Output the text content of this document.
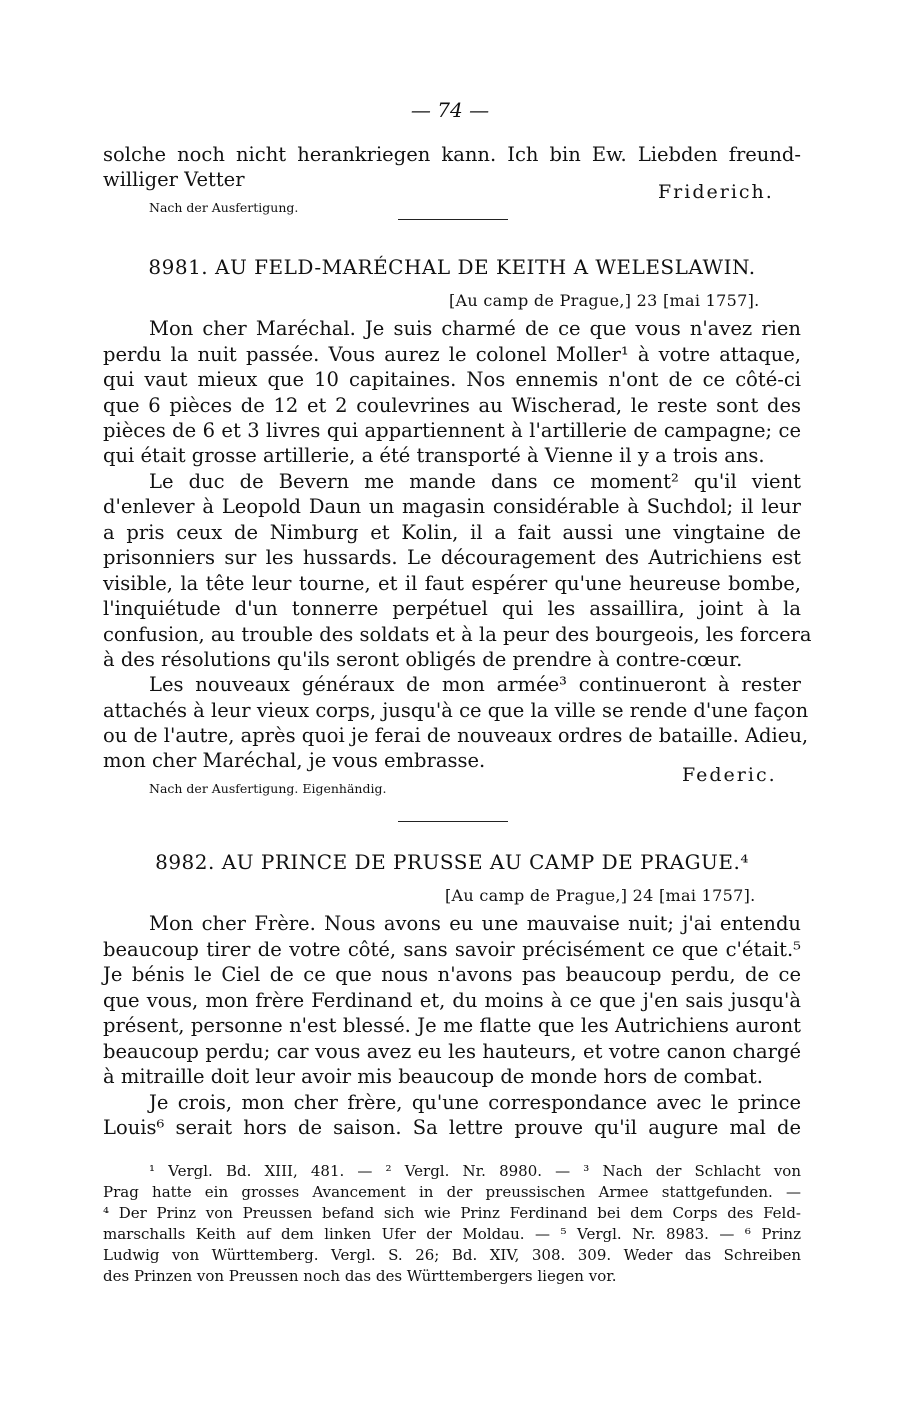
— 74 —
solche noch nicht herankriegen kann. Ich bin Ew. Liebden freund-
williger Vetter
Friderich.
Nach der Ausfertigung.
8981. AU FELD-MARÉCHAL DE KEITH A WELESLAWIN.
[Au camp de Prague,] 23 [mai 1757].
Mon cher Maréchal. Je suis charmé de ce que vous n'avez rien
perdu la nuit passée. Vous aurez le colonel Moller¹ à votre attaque,
qui vaut mieux que 10 capitaines. Nos ennemis n'ont de ce côté-ci
que 6 pièces de 12 et 2 coulevrines au Wischerad, le reste sont des
pièces de 6 et 3 livres qui appartiennent à l'artillerie de campagne; ce
qui était grosse artillerie, a été transporté à Vienne il y a trois ans.
Le duc de Bevern me mande dans ce moment² qu'il vient
d'enlever à Leopold Daun un magasin considérable à Suchdol; il leur
a pris ceux de Nimburg et Kolin, il a fait aussi une vingtaine de
prisonniers sur les hussards. Le découragement des Autrichiens est
visible, la tête leur tourne, et il faut espérer qu'une heureuse bombe,
l'inquiétude d'un tonnerre perpétuel qui les assaillira, joint à la
confusion, au trouble des soldats et à la peur des bourgeois, les forcera
à des résolutions qu'ils seront obligés de prendre à contre-cœur.
Les nouveaux généraux de mon armée³ continueront à rester
attachés à leur vieux corps, jusqu'à ce que la ville se rende d'une façon
ou de l'autre, après quoi je ferai de nouveaux ordres de bataille. Adieu,
mon cher Maréchal, je vous embrasse.
Federic.
Nach der Ausfertigung. Eigenhändig.
8982. AU PRINCE DE PRUSSE AU CAMP DE PRAGUE.⁴
[Au camp de Prague,] 24 [mai 1757].
Mon cher Frère. Nous avons eu une mauvaise nuit; j'ai entendu
beaucoup tirer de votre côté, sans savoir précisément ce que c'était.⁵
Je bénis le Ciel de ce que nous n'avons pas beaucoup perdu, de ce
que vous, mon frère Ferdinand et, du moins à ce que j'en sais jusqu'à
présent, personne n'est blessé. Je me flatte que les Autrichiens auront
beaucoup perdu; car vous avez eu les hauteurs, et votre canon chargé
à mitraille doit leur avoir mis beaucoup de monde hors de combat.
Je crois, mon cher frère, qu'une correspondance avec le prince
Louis⁶ serait hors de saison. Sa lettre prouve qu'il augure mal de
¹ Vergl. Bd. XIII, 481. — ² Vergl. Nr. 8980. — ³ Nach der Schlacht von
Prag hatte ein grosses Avancement in der preussischen Armee stattgefunden. —
⁴ Der Prinz von Preussen befand sich wie Prinz Ferdinand bei dem Corps des Feld-
marschalls Keith auf dem linken Ufer der Moldau. — ⁵ Vergl. Nr. 8983. — ⁶ Prinz
Ludwig von Württemberg. Vergl. S. 26; Bd. XIV, 308. 309. Weder das Schreiben
des Prinzen von Preussen noch das des Württembergers liegen vor.
